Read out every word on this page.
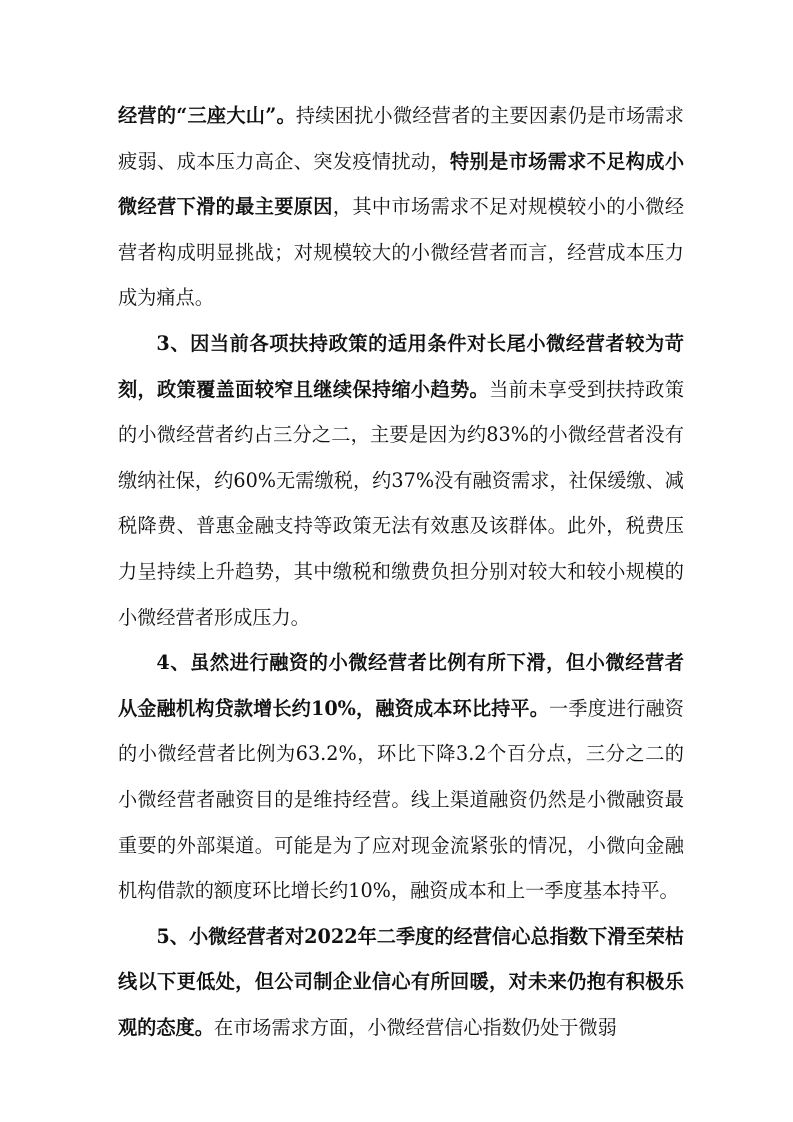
经营的“三座大山”。持续困扰小微经营者的主要因素仍是市场需求疲弱、成本压力高企、突发疫情扰动，特别是市场需求不足构成小微经营下滑的最主要原因，其中市场需求不足对规模较小的小微经营者构成明显挑战；对规模较大的小微经营者而言，经营成本压力成为痛点。

3、因当前各项扶持政策的适用条件对长尾小微经营者较为苛刻，政策覆盖面较窄且继续保持缩小趋势。当前未享受到扶持政策的小微经营者约占三分之二，主要是因为约83%的小微经营者没有缴纳社保，约60%无需缴税，约37%没有融资需求，社保缓缴、减税降费、普惠金融支持等政策无法有效惠及该群体。此外，税费压力呈持续上升趋势，其中缴税和缴费负担分别对较大和较小规模的小微经营者形成压力。

4、虽然进行融资的小微经营者比例有所下滑，但小微经营者从金融机构贷款增长约10%，融资成本环比持平。一季度进行融资的小微经营者比例为63.2%，环比下降3.2个百分点，三分之二的小微经营者融资目的是维持经营。线上渠道融资仍然是小微融资最重要的外部渠道。可能是为了应对现金流紧张的情况，小微向金融机构借款的额度环比增长约10%，融资成本和上一季度基本持平。

5、小微经营者对2022年二季度的经营信心总指数下滑至荣枯线以下更低处，但公司制企业信心有所回暖，对未来仍抱有积极乐观的态度。在市场需求方面，小微经营信心指数仍处于微弱
